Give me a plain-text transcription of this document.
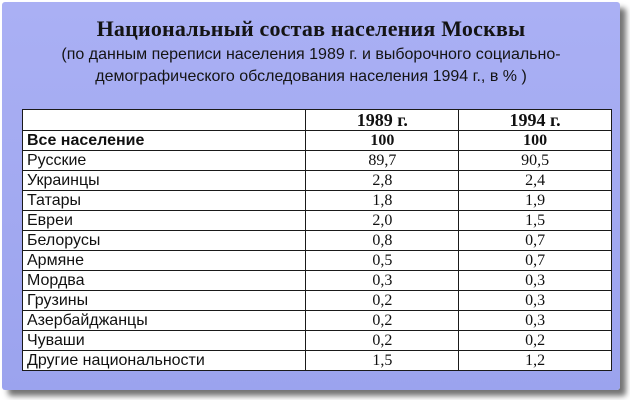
Национальный состав населения Москвы
(по данным переписи населения 1989 г. и выборочного социально-
демографического обследования населения 1994 г., в % )
	1989 г.	1994 г.
Все население	100	100
Русские	89,7	90,5
Украинцы	2,8	2,4
Татары	1,8	1,9
Евреи	2,0	1,5
Белорусы	0,8	0,7
Армяне	0,5	0,7
Мордва	0,3	0,3
Грузины	0,2	0,3
Азербайджанцы	0,2	0,3
Чуваши	0,2	0,2
Другие национальности	1,5	1,2
